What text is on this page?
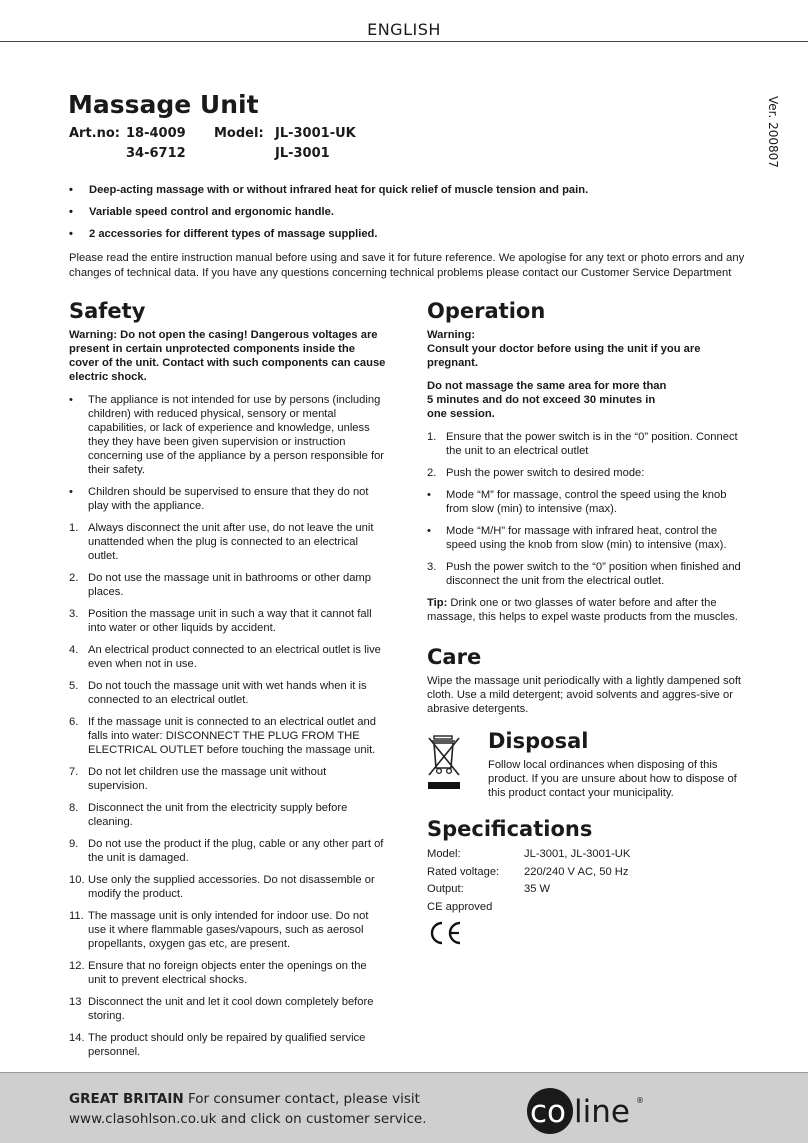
ENGLISH
Ver. 200807
Massage Unit
Art.no: 18-4009 Model: JL-3001-UK
34-6712	JL-3001
• Deep-acting massage with or without infrared heat for quick relief of muscle tension and pain.
• Variable speed control and ergonomic handle.
• 2 accessories for different types of massage supplied.

Please read the entire instruction manual before using and save it for future reference. We apologise for any text or photo errors and any changes of technical data. If you have any questions concerning technical problems please contact our Customer Service Department

Safety

Warning: Do not open the casing! Dangerous voltages are present in certain unprotected components inside the cover of the unit. Contact with such components can cause electric shock.

• The appliance is not intended for use by persons (including children) with reduced physical, sensory or mental capabilities, or lack of experience and knowledge, unless they they have been given supervision or instruction concerning use of the appliance by a person responsible for their safety.
• Children should be supervised to ensure that they do not play with the appliance.
1. Always disconnect the unit after use, do not leave the unit unattended when the plug is connected to an electrical outlet.
2. Do not use the massage unit in bathrooms or other damp places.
3. Position the massage unit in such a way that it cannot fall into water or other liquids by accident.
4. An electrical product connected to an electrical outlet is live even when not in use.
5. Do not touch the massage unit with wet hands when it is connected to an electrical outlet.
6. If the massage unit is connected to an electrical outlet and falls into water: DISCONNECT THE PLUG FROM THE ELECTRICAL OUTLET before touching the massage unit.
7. Do not let children use the massage unit without supervision.
8. Disconnect the unit from the electricity supply before cleaning.
9. Do not use the product if the plug, cable or any other part of the unit is damaged.
10. Use only the supplied accessories. Do not disassemble or modify the product.
11. The massage unit is only intended for indoor use. Do not use it where flammable gases/vapours, such as aerosol propellants, oxygen gas etc, are present.
12. Ensure that no foreign objects enter the openings on the unit to prevent electrical shocks.
13 Disconnect the unit and let it cool down completely before storing.
14. The product should only be repaired by qualified service personnel.
Operation

Warning:
Consult your doctor before using the unit if you are pregnant.

Do not massage the same area for more than
5 minutes and do not exceed 30 minutes in
one session.

1. Ensure that the power switch is in the “0” position. Connect the unit to an electrical outlet
2. Push the power switch to desired mode:
• Mode “M” for massage, control the speed using the knob from slow (min) to intensive (max).
• Mode “M/H” for massage with infrared heat, control the speed using the knob from slow (min) to intensive (max).
3. Push the power switch to the “0” position when finished and disconnect the unit from the electrical outlet.

Tip: Drink one or two glasses of water before and after the massage, this helps to expel waste products from the muscles.

Care

Wipe the massage unit periodically with a lightly dampened soft cloth. Use a mild detergent; avoid solvents and aggres-sive or abrasive detergents.

Disposal

Follow local ordinances when disposing of this product. If you are unsure about how to dispose of this product contact your municipality.

Specifications
Model:	JL-3001, JL-3001-UK
Rated voltage:	220/240 V AC, 50 Hz
Output:	35 W
CE approved
GREAT BRITAIN For consumer contact, please visit
www.clasohlson.co.uk and click on customer service.	co line ®
